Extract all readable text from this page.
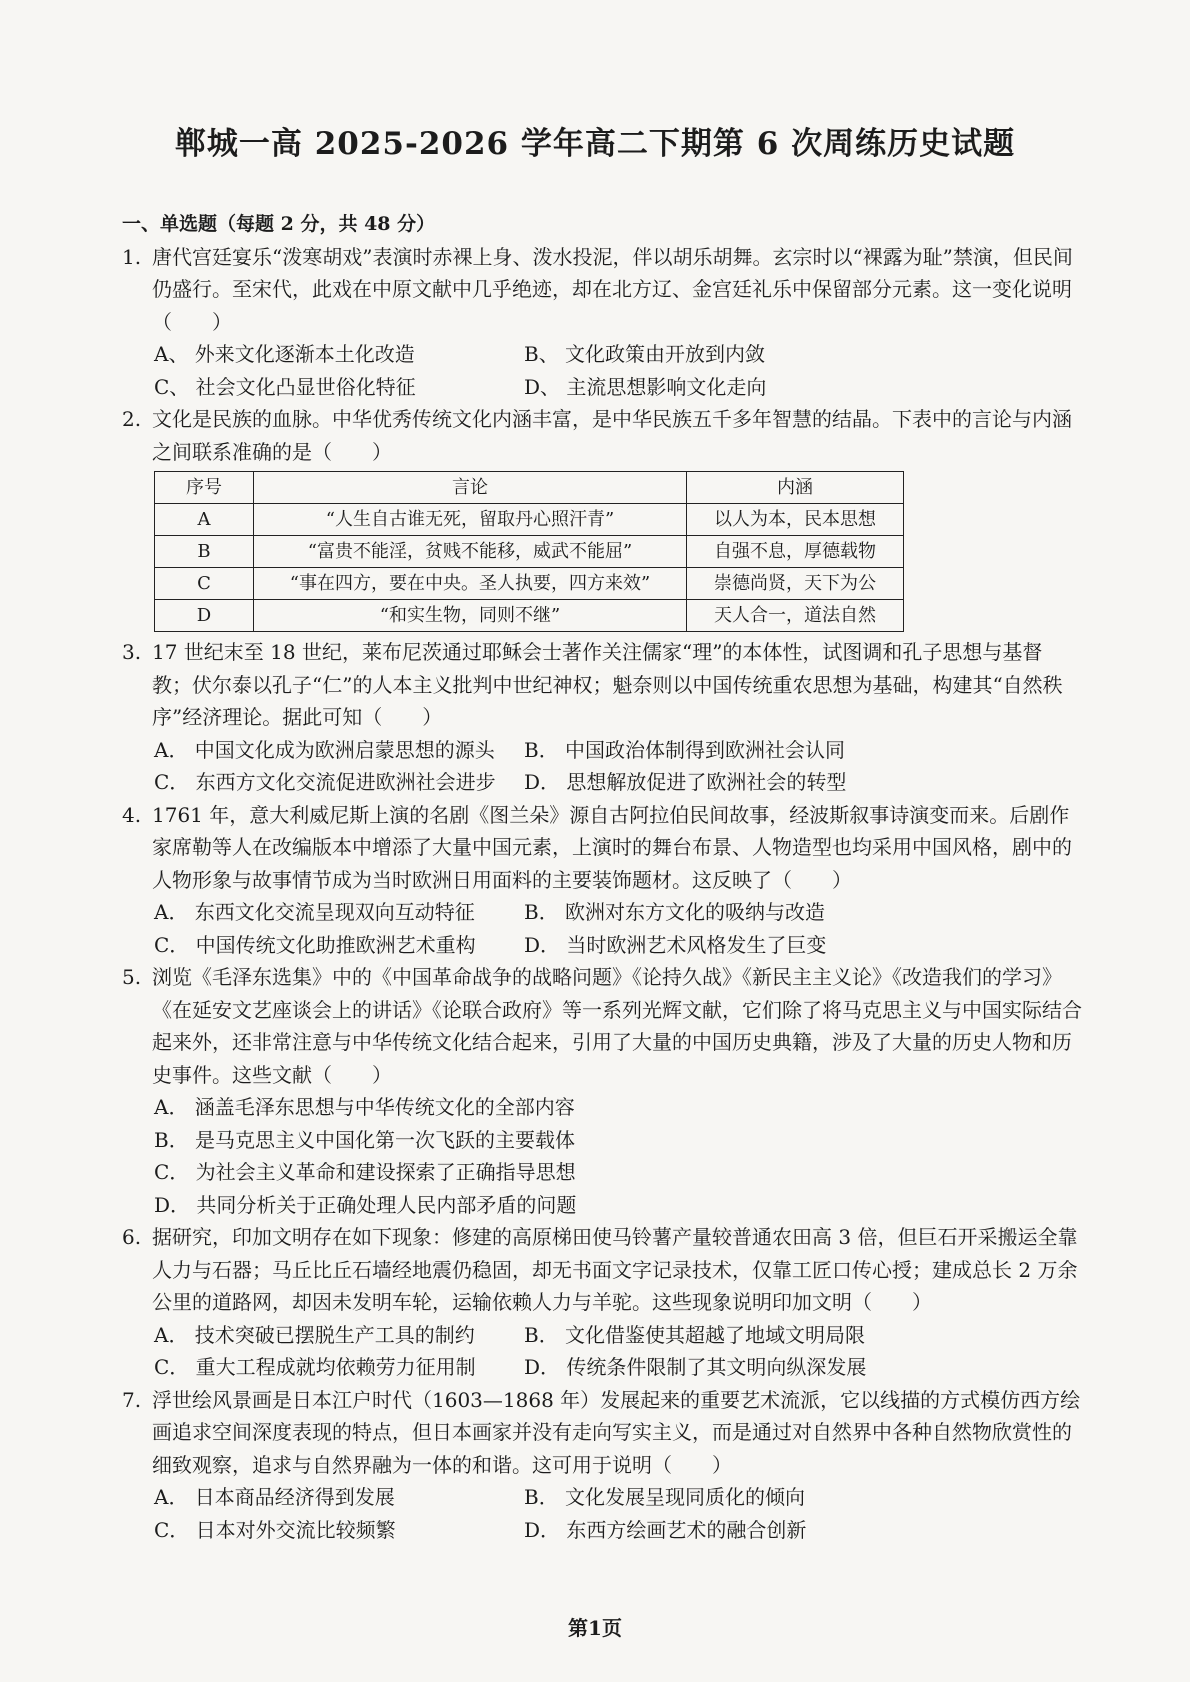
郸城一高 2025-2026 学年高二下期第 6 次周练历史试题
一、单选题（每题 2 分，共 48 分）
1. 唐代宫廷宴乐“泼寒胡戏”表演时赤裸上身、泼水投泥，伴以胡乐胡舞。玄宗时以“裸露为耻”禁演，但民间仍盛行。至宋代，此戏在中原文献中几乎绝迹，却在北方辽、金宫廷礼乐中保留部分元素。这一变化说明（　　）
A、 外来文化逐渐本土化改造	B、 文化政策由开放到内敛
C、 社会文化凸显世俗化特征	D、 主流思想影响文化走向
2. 文化是民族的血脉。中华优秀传统文化内涵丰富，是中华民族五千多年智慧的结晶。下表中的言论与内涵之间联系准确的是（　　）
序号	言论	内涵
A	“人生自古谁无死，留取丹心照汗青”	以人为本，民本思想
B	“富贵不能淫，贫贱不能移，威武不能屈”	自强不息，厚德载物
C	“事在四方，要在中央。圣人执要，四方来效”	崇德尚贤，天下为公
D	“和实生物，同则不继”	天人合一，道法自然
3. 17 世纪末至 18 世纪，莱布尼茨通过耶稣会士著作关注儒家“理”的本体性，试图调和孔子思想与基督教；伏尔泰以孔子“仁”的人本主义批判中世纪神权；魁奈则以中国传统重农思想为基础，构建其“自然秩序”经济理论。据此可知（　　）
A． 中国文化成为欧洲启蒙思想的源头	B． 中国政治体制得到欧洲社会认同
C． 东西方文化交流促进欧洲社会进步	D． 思想解放促进了欧洲社会的转型
4. 1761 年，意大利威尼斯上演的名剧《图兰朵》源自古阿拉伯民间故事，经波斯叙事诗演变而来。后剧作家席勒等人在改编版本中增添了大量中国元素，上演时的舞台布景、人物造型也均采用中国风格，剧中的人物形象与故事情节成为当时欧洲日用面料的主要装饰题材。这反映了（　　）
A． 东西文化交流呈现双向互动特征	B． 欧洲对东方文化的吸纳与改造
C． 中国传统文化助推欧洲艺术重构	D． 当时欧洲艺术风格发生了巨变
5. 浏览《毛泽东选集》中的《中国革命战争的战略问题》《论持久战》《新民主主义论》《改造我们的学习》《在延安文艺座谈会上的讲话》《论联合政府》等一系列光辉文献，它们除了将马克思主义与中国实际结合起来外，还非常注意与中华传统文化结合起来，引用了大量的中国历史典籍，涉及了大量的历史人物和历史事件。这些文献（　　）
A． 涵盖毛泽东思想与中华传统文化的全部内容
B． 是马克思主义中国化第一次飞跃的主要载体
C． 为社会主义革命和建设探索了正确指导思想
D． 共同分析关于正确处理人民内部矛盾的问题
6. 据研究，印加文明存在如下现象：修建的高原梯田使马铃薯产量较普通农田高 3 倍，但巨石开采搬运全靠人力与石器；马丘比丘石墙经地震仍稳固，却无书面文字记录技术，仅靠工匠口传心授；建成总长 2 万余公里的道路网，却因未发明车轮，运输依赖人力与羊驼。这些现象说明印加文明（　　）
A． 技术突破已摆脱生产工具的制约	B． 文化借鉴使其超越了地域文明局限
C． 重大工程成就均依赖劳力征用制	D． 传统条件限制了其文明向纵深发展
7. 浮世绘风景画是日本江户时代（1603—1868 年）发展起来的重要艺术流派，它以线描的方式模仿西方绘画追求空间深度表现的特点，但日本画家并没有走向写实主义，而是通过对自然界中各种自然物欣赏性的细致观察，追求与自然界融为一体的和谐。这可用于说明（　　）
A． 日本商品经济得到发展	B． 文化发展呈现同质化的倾向
C． 日本对外交流比较频繁	D． 东西方绘画艺术的融合创新
第1页
